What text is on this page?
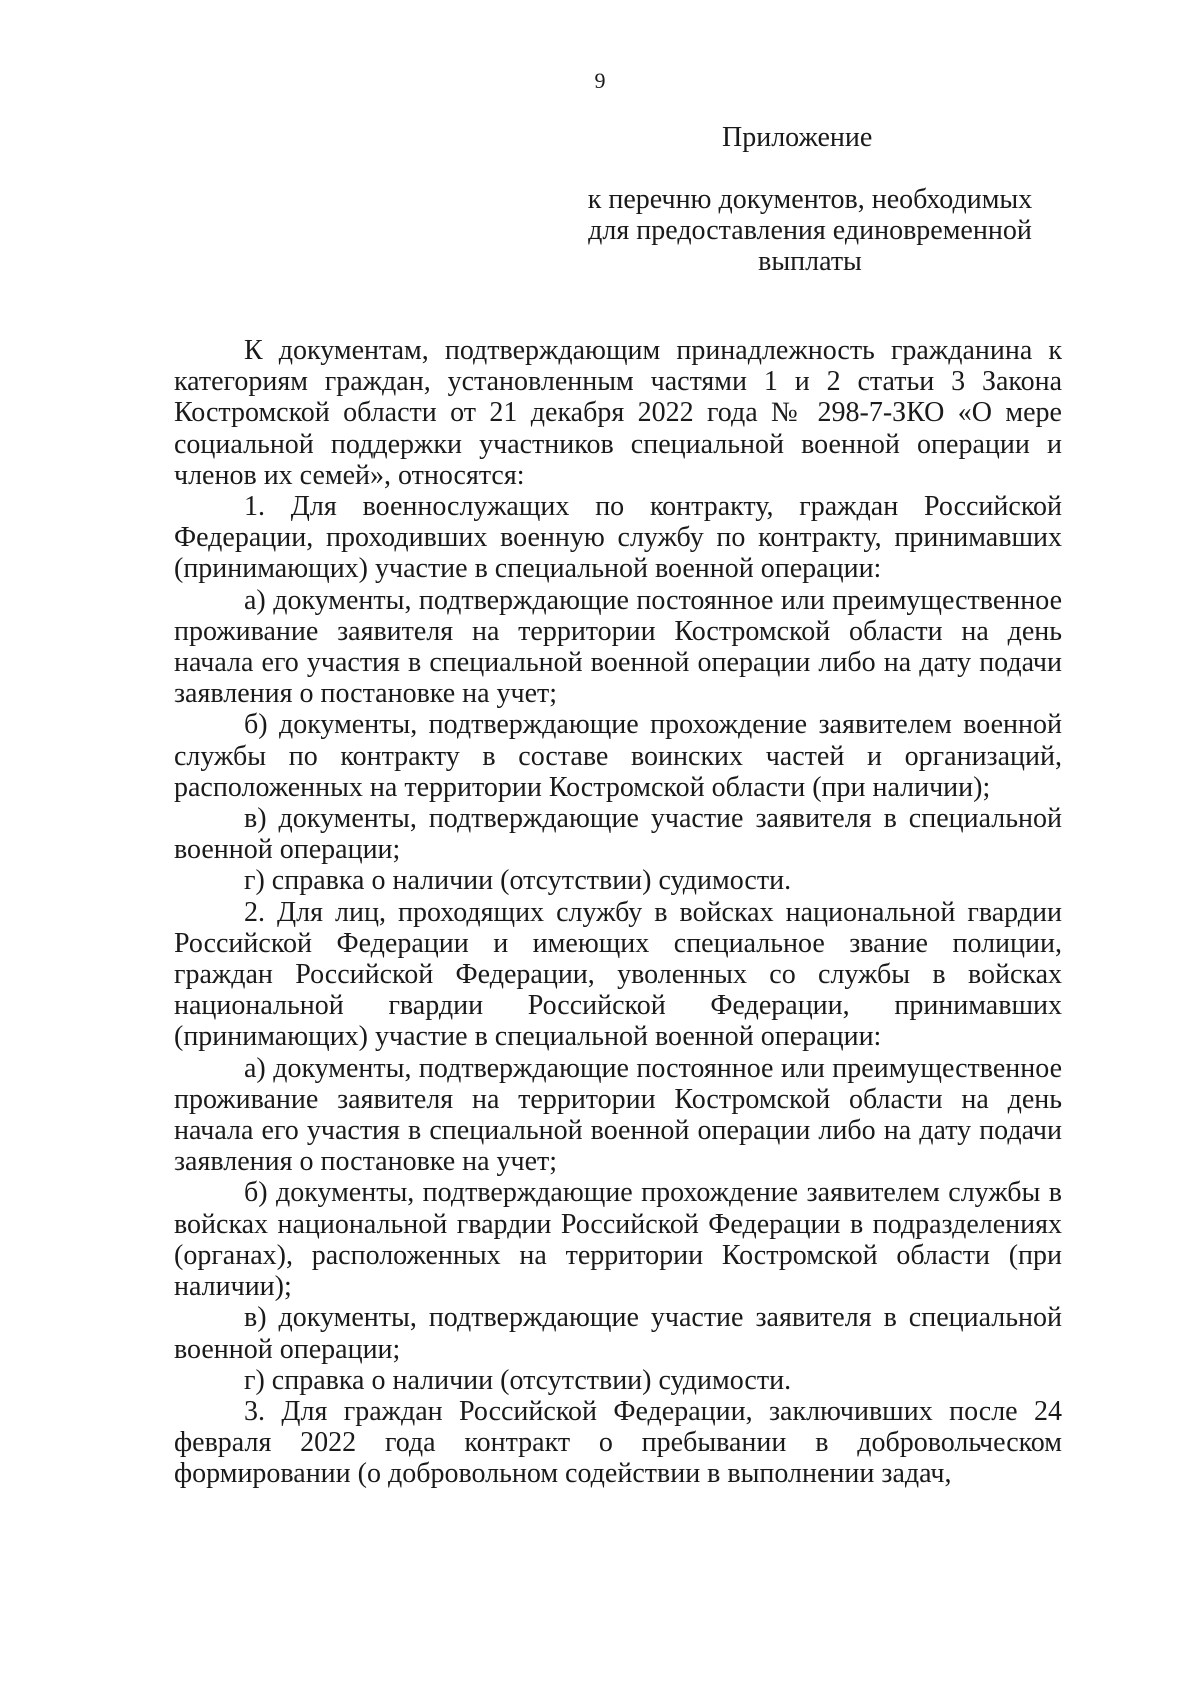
9
Приложение
к перечню документов, необходимых
для предоставления единовременной
выплаты

К документам, подтверждающим принадлежность гражданина к категориям граждан, установленным частями 1 и 2 статьи 3 Закона Костромской области от 21 декабря 2022 года № 298-7-ЗКО «О мере социальной поддержки участников специальной военной операции и членов их семей», относятся:

1. Для военнослужащих по контракту, граждан Российской Федерации, проходивших военную службу по контракту, принимавших (принимающих) участие в специальной военной операции:

а) документы, подтверждающие постоянное или преимущественное проживание заявителя на территории Костромской области на день начала его участия в специальной военной операции либо на дату подачи заявления о постановке на учет;

б) документы, подтверждающие прохождение заявителем военной службы по контракту в составе воинских частей и организаций, расположенных на территории Костромской области (при наличии);

в) документы, подтверждающие участие заявителя в специальной военной операции;

г) справка о наличии (отсутствии) судимости.

2. Для лиц, проходящих службу в войсках национальной гвардии Российской Федерации и имеющих специальное звание полиции, граждан Российской Федерации, уволенных со службы в войсках национальной гвардии Российской Федерации, принимавших (принимающих) участие в специальной военной операции:

а) документы, подтверждающие постоянное или преимущественное проживание заявителя на территории Костромской области на день начала его участия в специальной военной операции либо на дату подачи заявления о постановке на учет;

б) документы, подтверждающие прохождение заявителем службы в войсках национальной гвардии Российской Федерации в подразделениях (органах), расположенных на территории Костромской области (при наличии);

в) документы, подтверждающие участие заявителя в специальной военной операции;

г) справка о наличии (отсутствии) судимости.

3. Для граждан Российской Федерации, заключивших после 24 февраля 2022 года контракт о пребывании в добровольческом формировании (о добровольном содействии в выполнении задач,
